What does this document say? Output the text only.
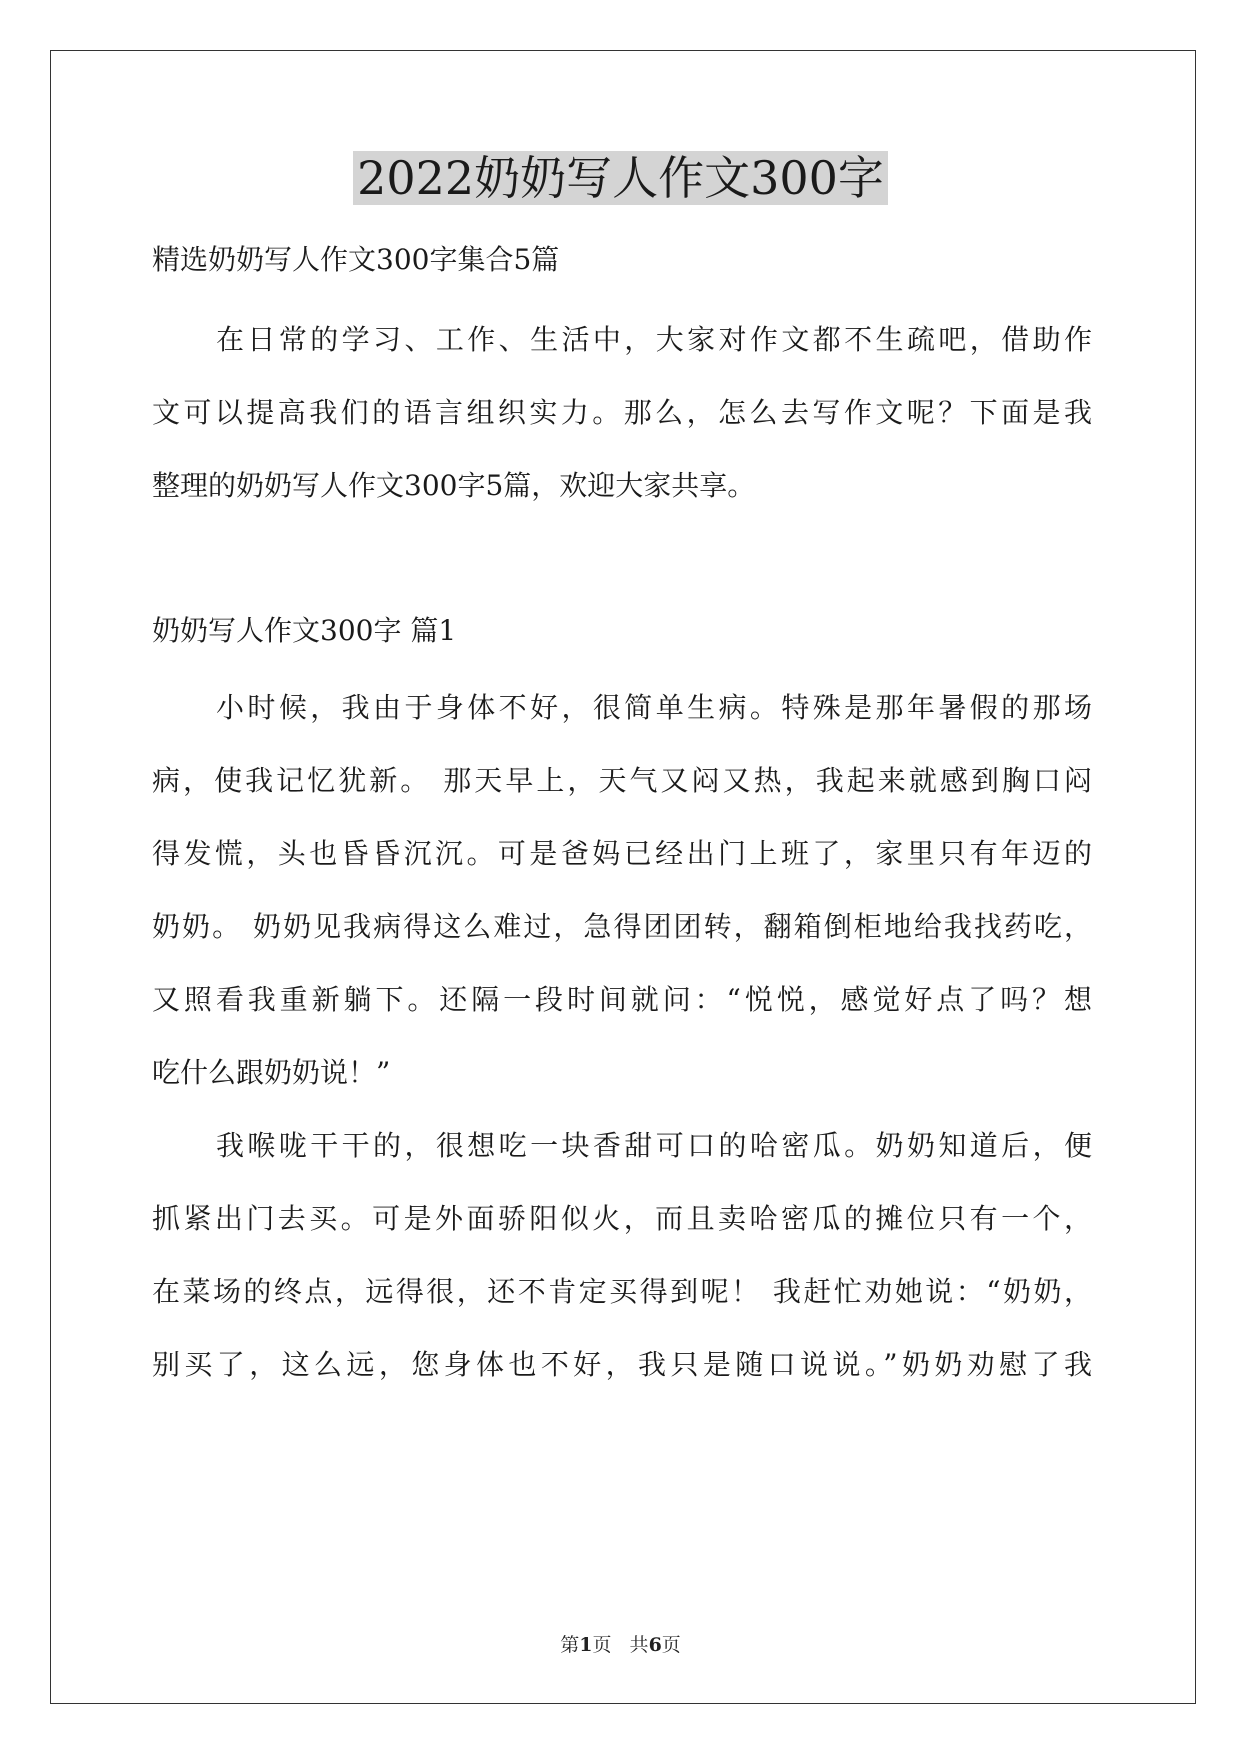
2022奶奶写人作文300字

精选奶奶写人作文300字集合5篇

在日常的学习、工作、生活中，大家对作文都不生疏吧，借助作

文可以提高我们的语言组织实力。那么，怎么去写作文呢？下面是我

整理的奶奶写人作文300字5篇，欢迎大家共享。

奶奶写人作文300字 篇1

小时候，我由于身体不好，很简单生病。特殊是那年暑假的那场

病，使我记忆犹新。 那天早上，天气又闷又热，我起来就感到胸口闷

得发慌，头也昏昏沉沉。可是爸妈已经出门上班了，家里只有年迈的

奶奶。 奶奶见我病得这么难过，急得团团转，翻箱倒柜地给我找药吃，

又照看我重新躺下。还隔一段时间就问：“悦悦，感觉好点了吗？想

吃什么跟奶奶说！”

我喉咙干干的，很想吃一块香甜可口的哈密瓜。奶奶知道后，便

抓紧出门去买。可是外面骄阳似火，而且卖哈密瓜的摊位只有一个，

在菜场的终点，远得很，还不肯定买得到呢！ 我赶忙劝她说：“奶奶，

别买了，这么远，您身体也不好，我只是随口说说。”奶奶劝慰了我

第1页   共6页
